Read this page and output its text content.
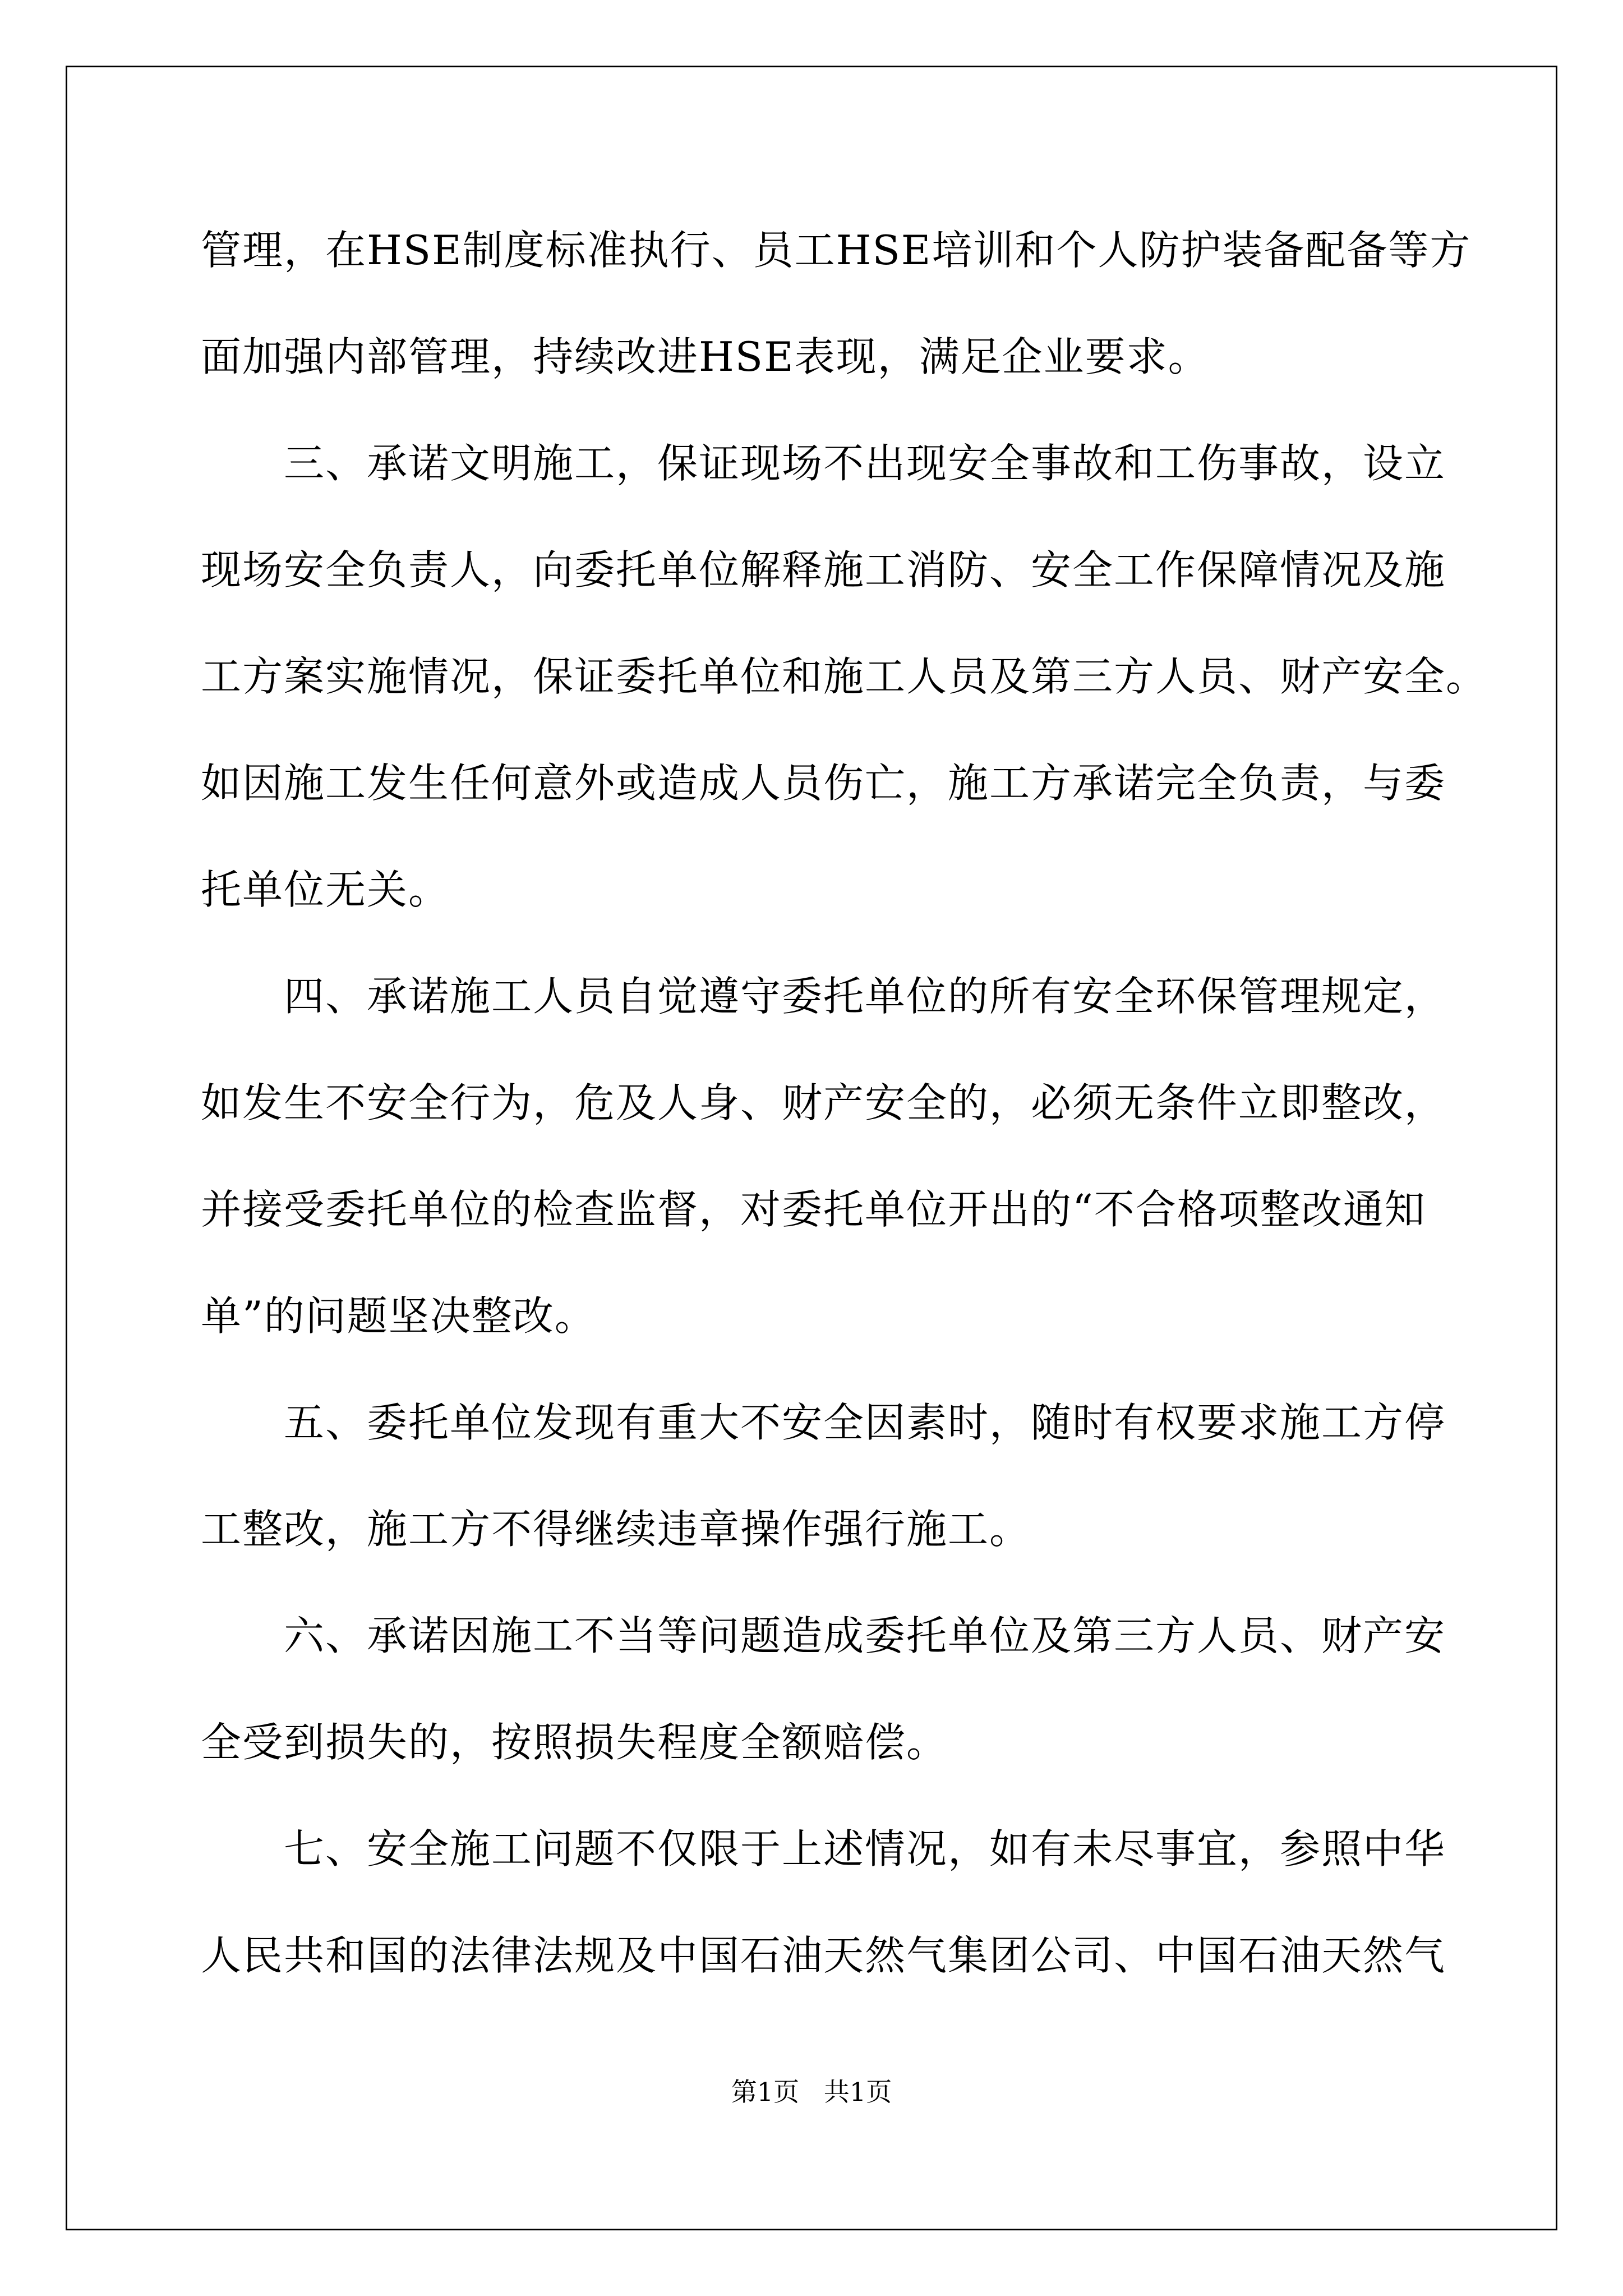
管理，在HSE制度标准执行、员工HSE培训和个人防护装备配备等方
面加强内部管理，持续改进HSE表现，满足企业要求。
三、承诺文明施工，保证现场不出现安全事故和工伤事故，设立
现场安全负责人，向委托单位解释施工消防、安全工作保障情况及施
工方案实施情况，保证委托单位和施工人员及第三方人员、财产安全。
如因施工发生任何意外或造成人员伤亡，施工方承诺完全负责，与委
托单位无关。
四、承诺施工人员自觉遵守委托单位的所有安全环保管理规定，
如发生不安全行为，危及人身、财产安全的，必须无条件立即整改，
并接受委托单位的检查监督，对委托单位开出的“不合格项整改通知
单”的问题坚决整改。
五、委托单位发现有重大不安全因素时，随时有权要求施工方停
工整改，施工方不得继续违章操作强行施工。
六、承诺因施工不当等问题造成委托单位及第三方人员、财产安
全受到损失的，按照损失程度全额赔偿。
七、安全施工问题不仅限于上述情况，如有未尽事宜，参照中华
人民共和国的法律法规及中国石油天然气集团公司、中国石油天然气
第1页   共1页
